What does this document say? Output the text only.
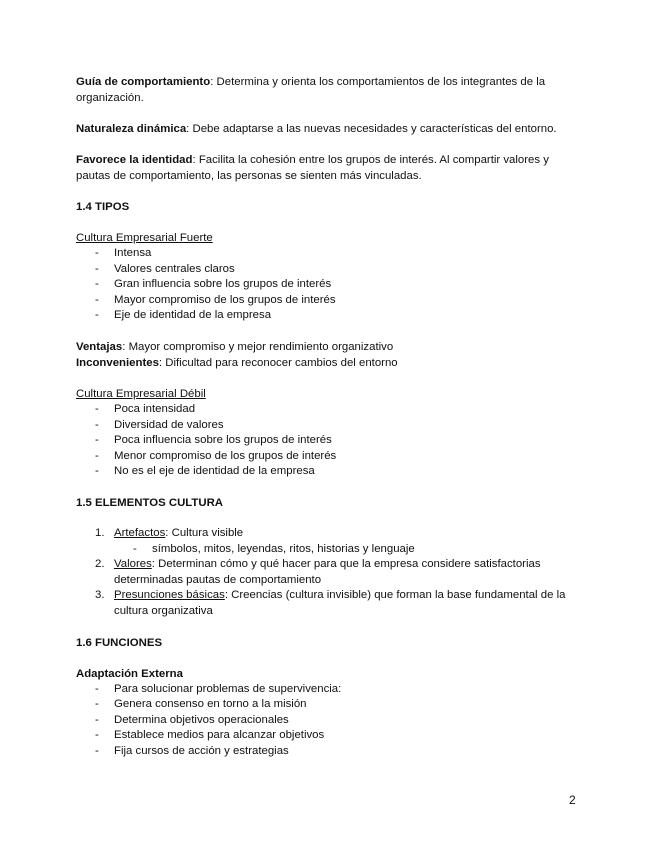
Guía de comportamiento: Determina y orienta los comportamientos de los integrantes de la organización.

Naturaleza dinámica: Debe adaptarse a las nuevas necesidades y características del entorno.

Favorece la identidad: Facilita la cohesión entre los grupos de interés. Al compartir valores y pautas de comportamiento, las personas se sienten más vinculadas.

1.4 TIPOS

Cultura Empresarial Fuerte

- Intensa
- Valores centrales claros
- Gran influencia sobre los grupos de interés
- Mayor compromiso de los grupos de interés
- Eje de identidad de la empresa

Ventajas: Mayor compromiso y mejor rendimiento organizativo

Inconvenientes: Dificultad para reconocer cambios del entorno

Cultura Empresarial Débil

- Poca intensidad
- Diversidad de valores
- Poca influencia sobre los grupos de interés
- Menor compromiso de los grupos de interés
- No es el eje de identidad de la empresa

1.5 ELEMENTOS CULTURA

1. Artefactos: Cultura visible
- símbolos, mitos, leyendas, ritos, historias y lenguaje
2. Valores: Determinan cómo y qué hacer para que la empresa considere satisfactorias determinadas pautas de comportamiento
3. Presunciones básicas: Creencias (cultura invisible) que forman la base fundamental de la cultura organizativa

1.6 FUNCIONES

Adaptación Externa

- Para solucionar problemas de supervivencia:
- Genera consenso en torno a la misión
- Determina objetivos operacionales
- Establece medios para alcanzar objetivos
- Fija cursos de acción y estrategias
2
